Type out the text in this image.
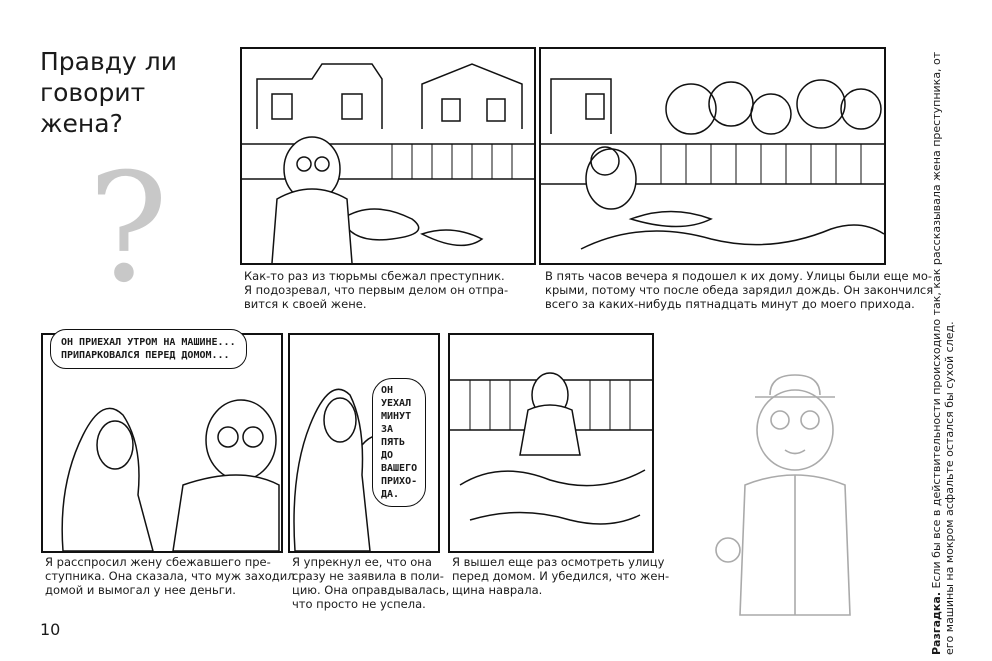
Правду ли
говорит
жена?
?	Как-то раз из тюрьмы сбежал преступник.
Я подозревал, что первым делом он отпра-
вится к своей жене.
В пять часов вечера я подошел к их дому. Улицы были еще мо-
крыми, потому что после обеда зарядил дождь. Он закончился
всего за каких-нибудь пятнадцать минут до моего прихода.
ОН ПРИЕХАЛ УТРОМ НА МАШИНЕ...
ПРИПАРКОВАЛСЯ ПЕРЕД ДОМОМ...
Я расспросил жену сбежавшего пре-
ступника. Она сказала, что муж заходил
домой и вымогал у нее деньги.
ОН
УЕХАЛ
МИНУТ
ЗА
ПЯТЬ
ДО
ВАШЕГО
ПРИХО-
ДА.
Я упрекнул ее, что она
сразу не заявила в поли-
цию. Она оправдывалась,
что просто не успела.
Я вышел еще раз осмотреть улицу
перед домом. И убедился, что жен-
щина наврала.
Разгадка. Если бы все в действительности происходило так, как рассказывала жена преступника, от его машины на мокром асфальте остался бы сухой след.
10
